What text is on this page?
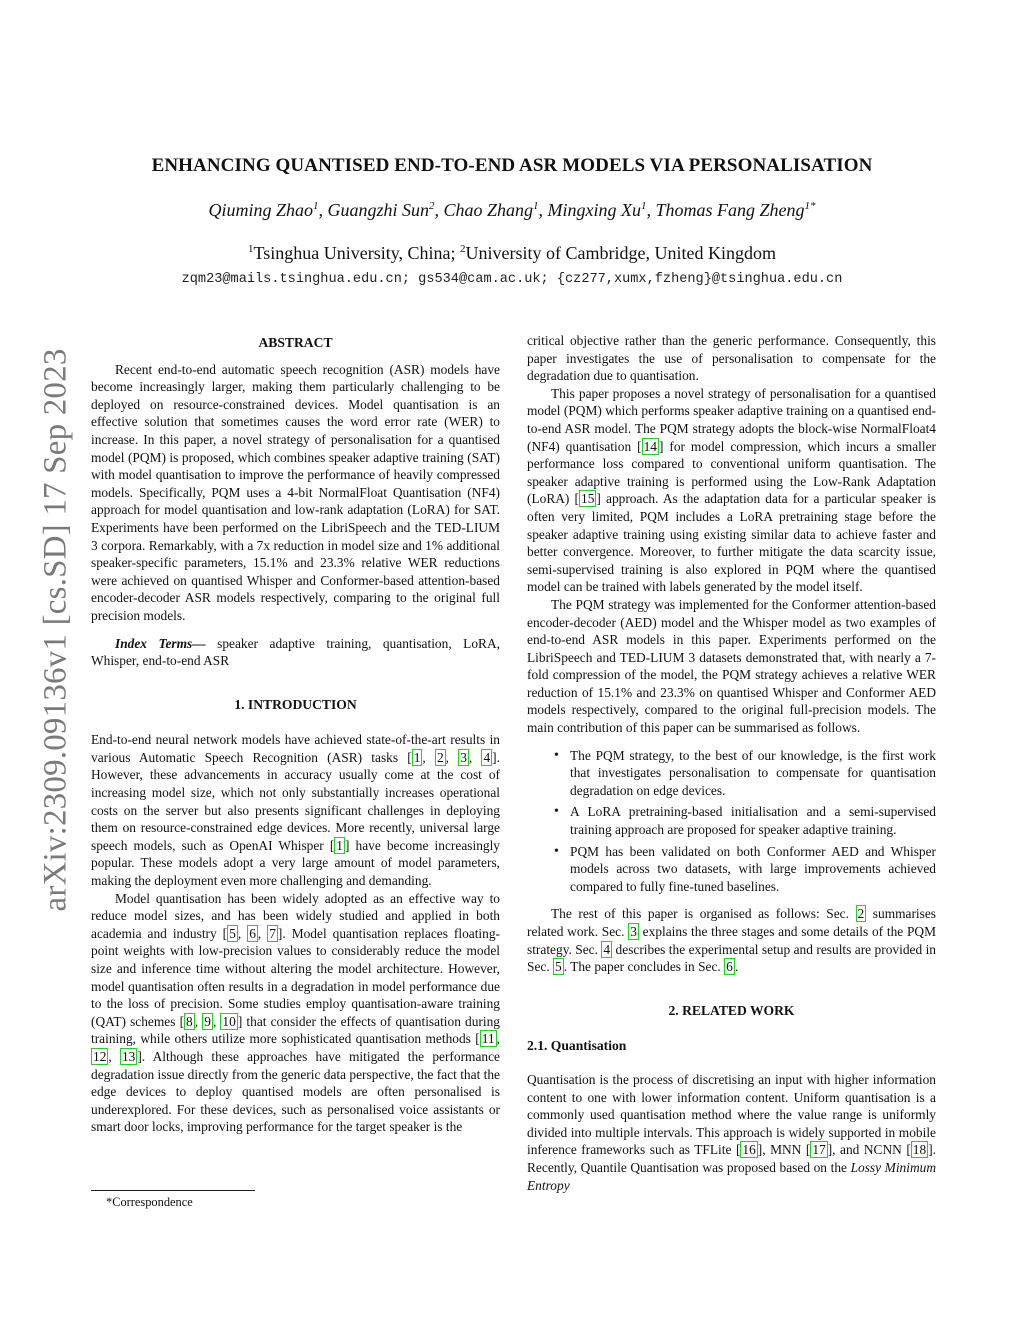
arXiv:2309.09136v1 [cs.SD] 17 Sep 2023
ENHANCING QUANTISED END-TO-END ASR MODELS VIA PERSONALISATION
Qiuming Zhao$^1$, Guangzhi Sun$^2$, Chao Zhang$^1$, Mingxing Xu$^1$, Thomas Fang Zheng$^{1*}$
$^1$Tsinghua University, China; $^2$University of Cambridge, United Kingdom
zqm23@mails.tsinghua.edu.cn; gs534@cam.ac.uk; {cz277,xumx,fzheng}@tsinghua.edu.cn
ABSTRACT

Recent end-to-end automatic speech recognition (ASR) models have become increasingly larger, making them particularly challenging to be deployed on resource-constrained devices. Model quantisation is an effective solution that sometimes causes the word error rate (WER) to increase. In this paper, a novel strategy of personalisation for a quantised model (PQM) is proposed, which combines speaker adaptive training (SAT) with model quantisation to improve the performance of heavily compressed models. Specifically, PQM uses a 4-bit NormalFloat Quantisation (NF4) approach for model quantisation and low-rank adaptation (LoRA) for SAT. Experiments have been performed on the LibriSpeech and the TED-LIUM 3 corpora. Remarkably, with a 7x reduction in model size and 1% additional speaker-specific parameters, 15.1% and 23.3% relative WER reductions were achieved on quantised Whisper and Conformer-based attention-based encoder-decoder ASR models respectively, comparing to the original full precision models.

Index Terms— speaker adaptive training, quantisation, LoRA, Whisper, end-to-end ASR

1. INTRODUCTION

End-to-end neural network models have achieved state-of-the-art results in various Automatic Speech Recognition (ASR) tasks [ 1 , 2 , 3 , 4 ]. However, these advancements in accuracy usually come at the cost of increasing model size, which not only substantially increases operational costs on the server but also presents significant challenges in deploying them on resource-constrained edge devices. More recently, universal large speech models, such as OpenAI Whisper [ 1 ] have become increasingly popular. These models adopt a very large amount of model parameters, making the deployment even more challenging and demanding.

Model quantisation has been widely adopted as an effective way to reduce model sizes, and has been widely studied and applied in both academia and industry [ 5 , 6 , 7 ]. Model quantisation replaces floating-point weights with low-precision values to considerably reduce the model size and inference time without altering the model architecture. However, model quantisation often results in a degradation in model performance due to the loss of precision. Some studies employ quantisation-aware training (QAT) schemes [ 8 , 9 , 10 ] that consider the effects of quantisation during training, while others utilize more sophisticated quantisation methods [ 11 , 12 , 13 ]. Although these approaches have mitigated the performance degradation issue directly from the generic data perspective, the fact that the edge devices to deploy quantised models are often personalised is underexplored. For these devices, such as personalised voice assistants or smart door locks, improving performance for the target speaker is the

*Correspondence

critical objective rather than the generic performance. Consequently, this paper investigates the use of personalisation to compensate for the degradation due to quantisation.

This paper proposes a novel strategy of personalisation for a quantised model (PQM) which performs speaker adaptive training on a quantised end-to-end ASR model. The PQM strategy adopts the block-wise NormalFloat4 (NF4) quantisation [ 14 ] for model compression, which incurs a smaller performance loss compared to conventional uniform quantisation. The speaker adaptive training is performed using the Low-Rank Adaptation (LoRA) [ 15 ] approach. As the adaptation data for a particular speaker is often very limited, PQM includes a LoRA pretraining stage before the speaker adaptive training using existing similar data to achieve faster and better convergence. Moreover, to further mitigate the data scarcity issue, semi-supervised training is also explored in PQM where the quantised model can be trained with labels generated by the model itself.

The PQM strategy was implemented for the Conformer attention-based encoder-decoder (AED) model and the Whisper model as two examples of end-to-end ASR models in this paper. Experiments performed on the LibriSpeech and TED-LIUM 3 datasets demonstrated that, with nearly a 7-fold compression of the model, the PQM strategy achieves a relative WER reduction of 15.1% and 23.3% on quantised Whisper and Conformer AED models respectively, compared to the original full-precision models. The main contribution of this paper can be summarised as follows.

• The PQM strategy, to the best of our knowledge, is the first work that investigates personalisation to compensate for quantisation degradation on edge devices.
• A LoRA pretraining-based initialisation and a semi-supervised training approach are proposed for speaker adaptive training.
• PQM has been validated on both Conformer AED and Whisper models across two datasets, with large improvements achieved compared to fully fine-tuned baselines.

The rest of this paper is organised as follows: Sec. 2 summarises related work. Sec. 3 explains the three stages and some details of the PQM strategy. Sec. 4 describes the experimental setup and results are provided in Sec. 5 . The paper concludes in Sec. 6 .

2. RELATED WORK
2.1. Quantisation

Quantisation is the process of discretising an input with higher information content to one with lower information content. Uniform quantisation is a commonly used quantisation method where the value range is uniformly divided into multiple intervals. This approach is widely supported in mobile inference frameworks such as TFLite [ 16 ], MNN [ 17 ], and NCNN [ 18 ]. Recently, Quantile Quantisation was proposed based on the Lossy Minimum Entropy
